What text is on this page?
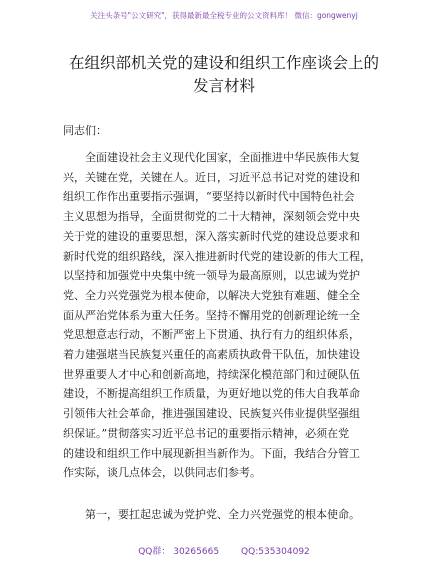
关注头条号"公文研究"，获得最新最全税专业的公文资料库！ 微信：gongwenyj
在组织部机关党的建设和组织工作座谈会上的
发言材料
同志们：
全面建设社会主义现代化国家，全面推进中华民族伟大复
兴，关键在党，关键在人。近日，习近平总书记对党的建设和
组织工作作出重要指示强调，“要坚持以新时代中国特色社会
主义思想为指导，全面贯彻党的二十大精神，深刻领会党中央
关于党的建设的重要思想，深入落实新时代党的建设总要求和
新时代党的组织路线，深入推进新时代党的建设新的伟大工程，
以坚持和加强党中央集中统一领导为最高原则，以忠诚为党护
党、全力兴党强党为根本使命，以解决大党独有难题、健全全
面从严治党体系为重大任务。坚持不懈用党的创新理论统一全
党思想意志行动，不断严密上下贯通、执行有力的组织体系，
着力建强堪当民族复兴重任的高素质执政骨干队伍，加快建设
世界重要人才中心和创新高地，持续深化模范部门和过硬队伍
建设，不断提高组织工作质量，为更好地以党的伟大自我革命
引领伟大社会革命，推进强国建设、民族复兴伟业提供坚强组
织保证。”贯彻落实习近平总书记的重要指示精神，必须在党
的建设和组织工作中展现新担当新作为。下面，我结合分管工
作实际，谈几点体会，以供同志们参考。
第一，要扛起忠诚为党护党、全力兴党强党的根本使命。
QQ群： 30265665 QQ:535304092
